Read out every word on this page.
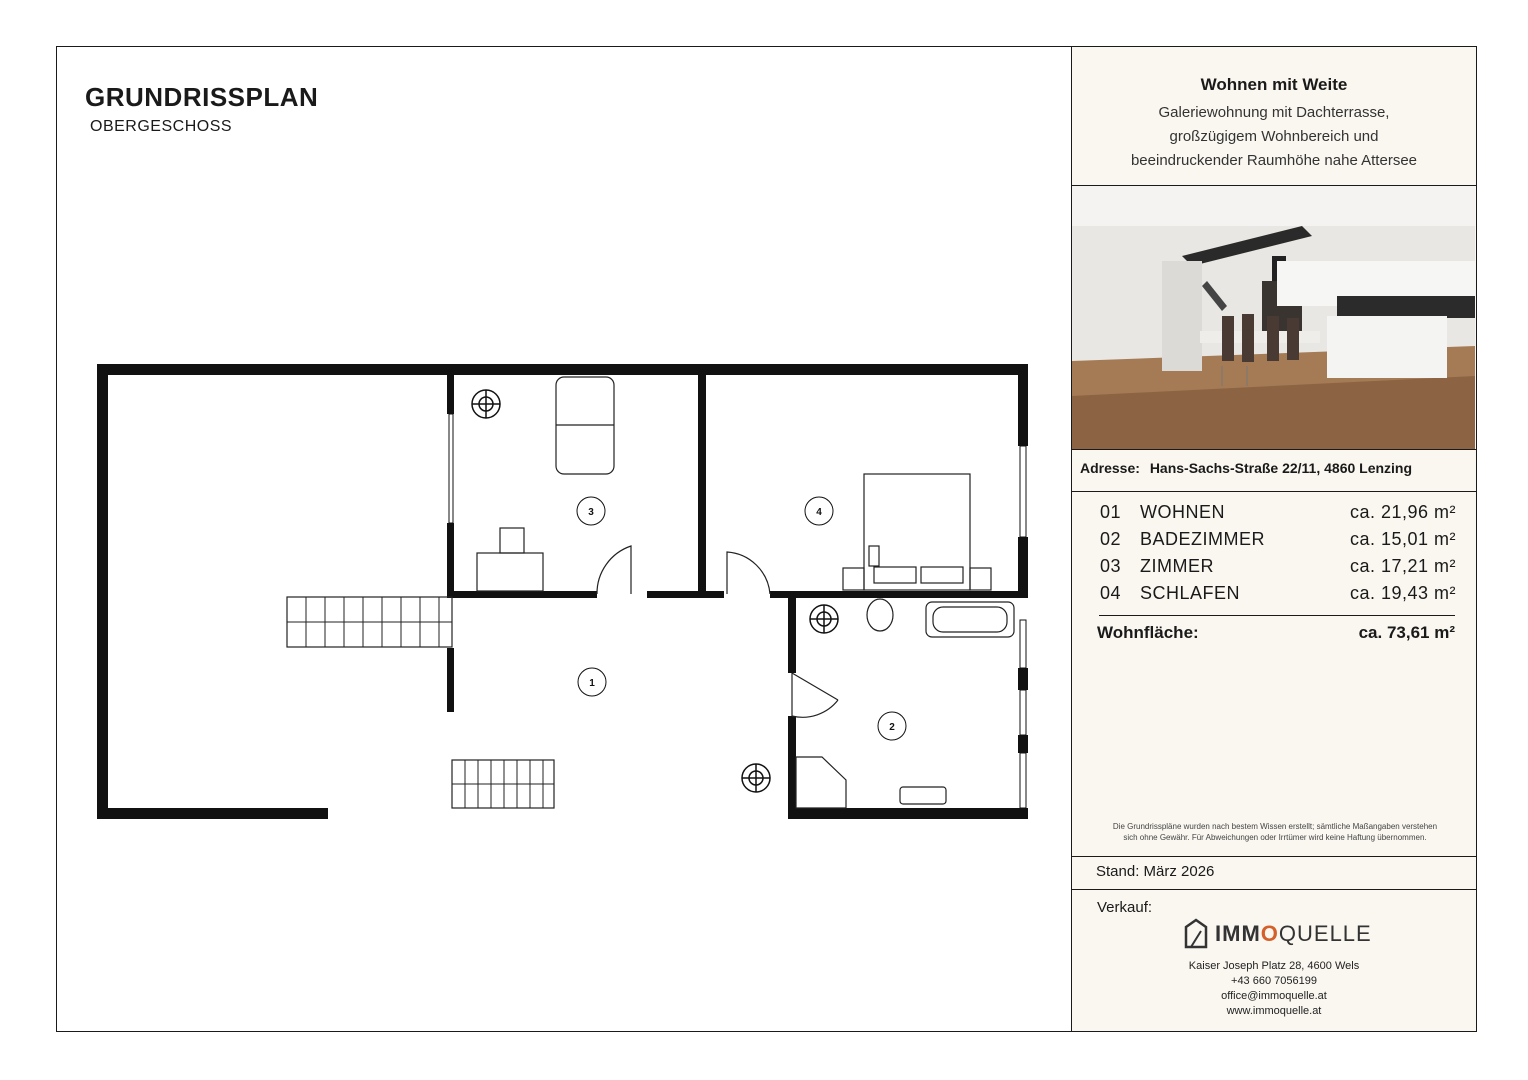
GRUNDRISSPLAN
OBERGESCHOSS
1
2
3	4
Wohnen mit Weite
Galeriewohnung mit Dachterrasse,
großzügigem Wohnbereich und
beeindruckender Raumhöhe nahe Attersee
Adresse: Hans-Sachs-Straße 22/11, 4860 Lenzing
01 WOHNEN	ca. 21,96 m²
02 BADEZIMMER	ca. 15,01 m²
03 ZIMMER	ca. 17,21 m²
04 SCHLAFEN	ca. 19,43 m²
Wohnfläche:	ca. 73,61 m²
Die Grundrisspläne wurden nach bestem Wissen erstellt; sämtliche Maßangaben verstehen
sich ohne Gewähr. Für Abweichungen oder Irrtümer wird keine Haftung übernommen.
Stand: März 2026
Verkauf:
IMMOQUELLE
Kaiser Joseph Platz 28, 4600 Wels
+43 660 7056199
office@immoquelle.at
www.immoquelle.at
